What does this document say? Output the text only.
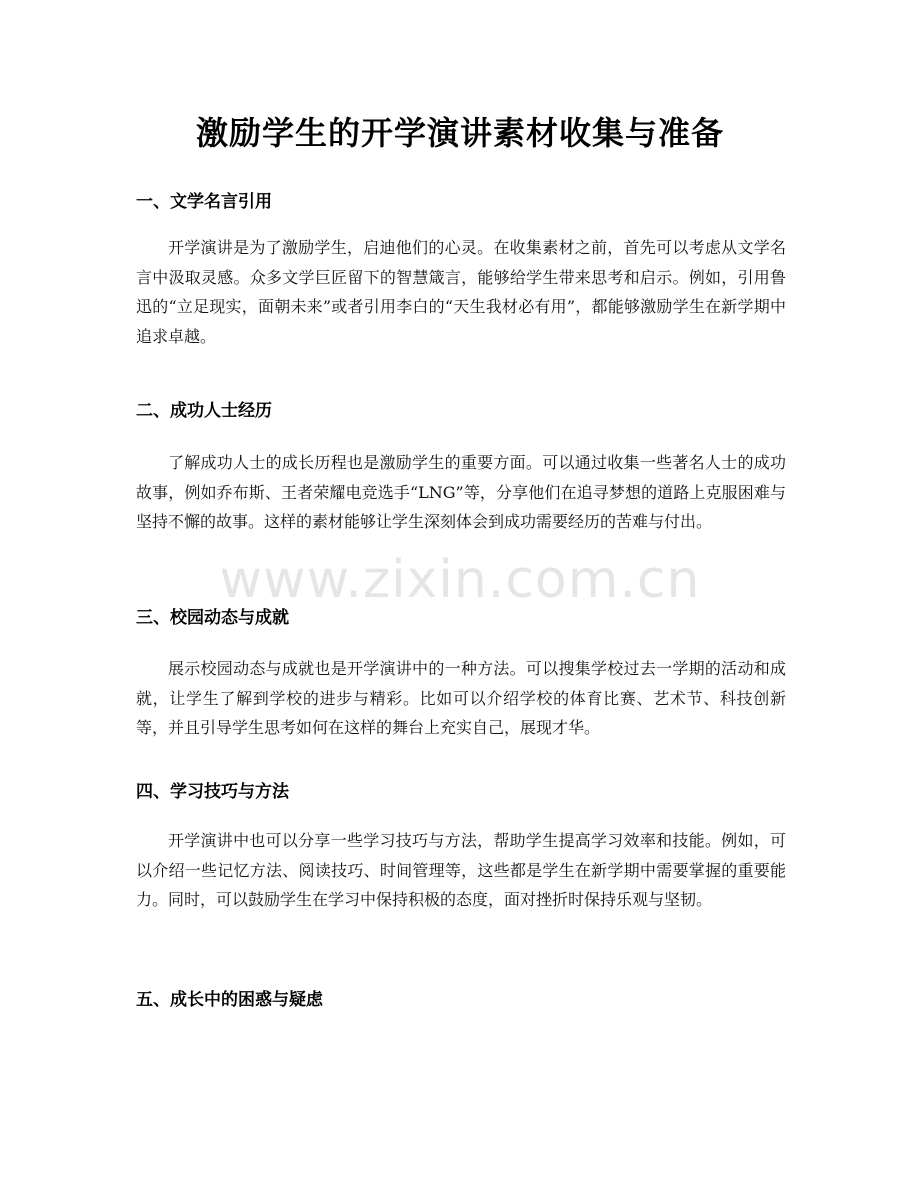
激励学生的开学演讲素材收集与准备
一、文学名言引用

开学演讲是为了激励学生，启迪他们的心灵。在收集素材之前，首先可以考虑从文学名言中汲取灵感。众多文学巨匠留下的智慧箴言，能够给学生带来思考和启示。例如，引用鲁迅的“立足现实，面朝未来”或者引用李白的“天生我材必有用”，都能够激励学生在新学期中追求卓越。

二、成功人士经历

了解成功人士的成长历程也是激励学生的重要方面。可以通过收集一些著名人士的成功故事，例如乔布斯、王者荣耀电竞选手“LNG”等，分享他们在追寻梦想的道路上克服困难与坚持不懈的故事。这样的素材能够让学生深刻体会到成功需要经历的苦难与付出。

三、校园动态与成就

展示校园动态与成就也是开学演讲中的一种方法。可以搜集学校过去一学期的活动和成就，让学生了解到学校的进步与精彩。比如可以介绍学校的体育比赛、艺术节、科技创新等，并且引导学生思考如何在这样的舞台上充实自己，展现才华。

四、学习技巧与方法

开学演讲中也可以分享一些学习技巧与方法，帮助学生提高学习效率和技能。例如，可以介绍一些记忆方法、阅读技巧、时间管理等，这些都是学生在新学期中需要掌握的重要能力。同时，可以鼓励学生在学习中保持积极的态度，面对挫折时保持乐观与坚韧。

五、成长中的困惑与疑虑
www.zixin.com.cn
